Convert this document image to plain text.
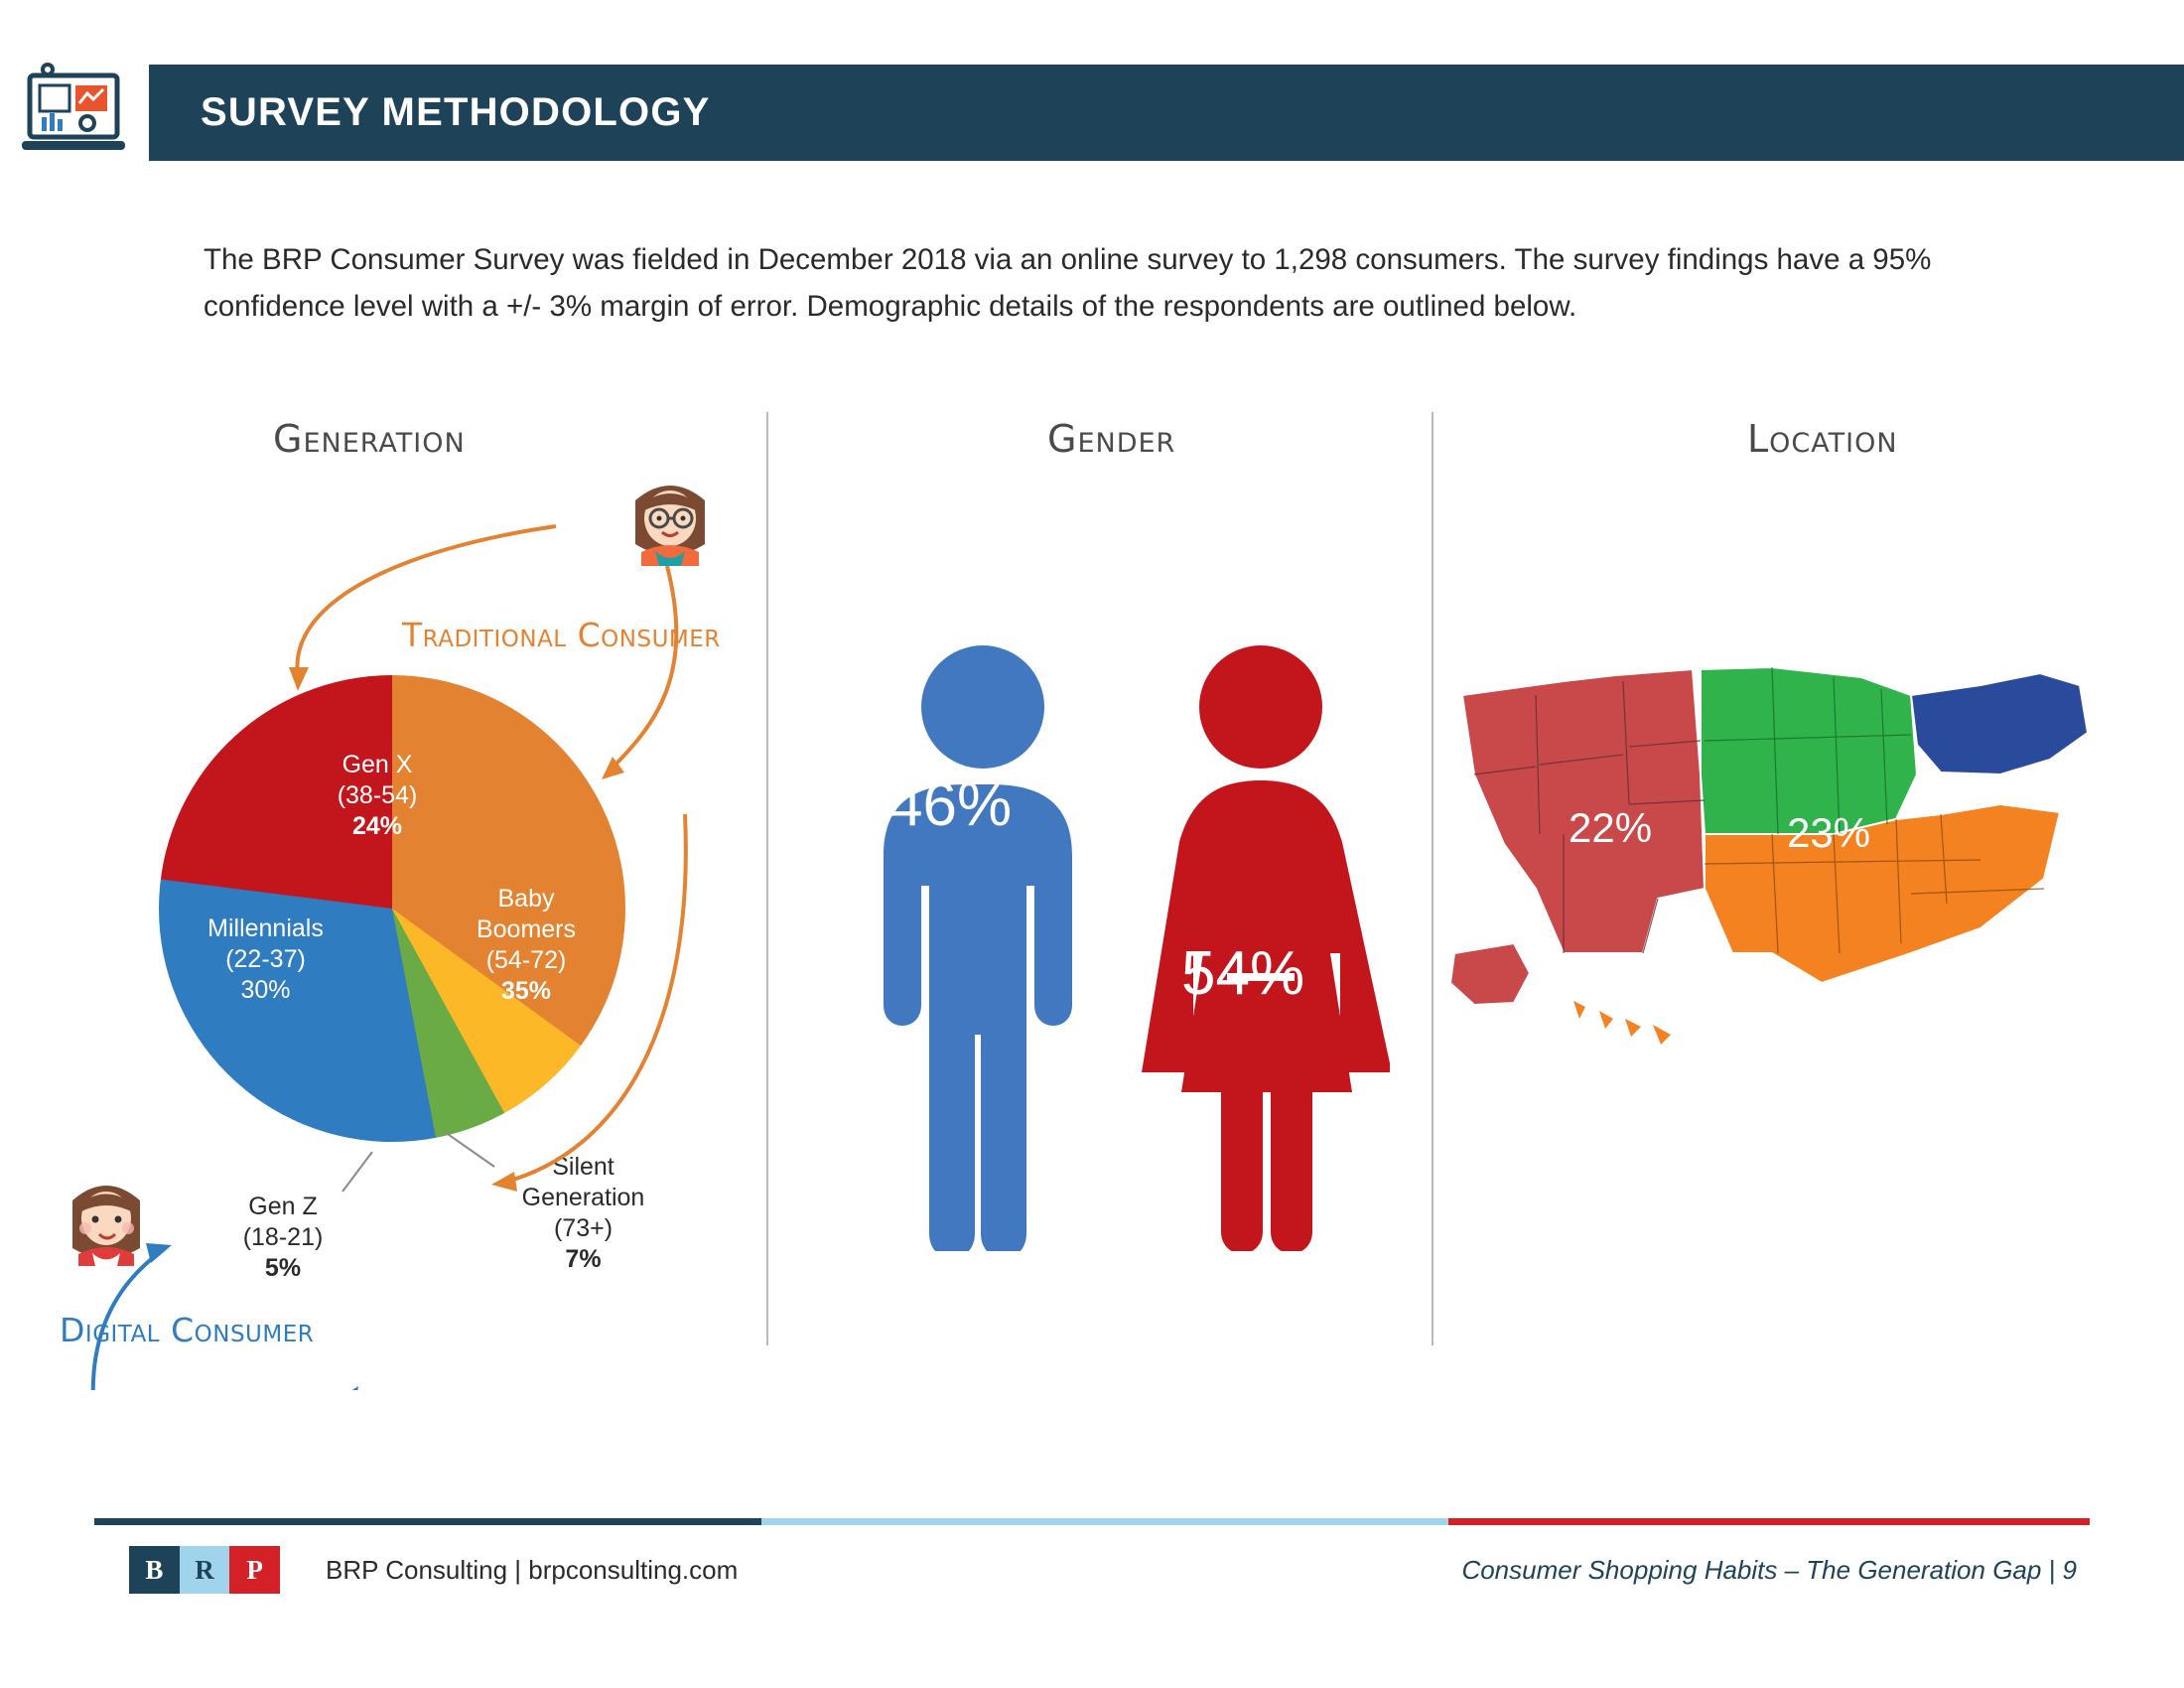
SURVEY METHODOLOGY
The BRP Consumer Survey was fielded in December 2018 via an online survey to 1,298 consumers. The survey findings have a 95% confidence level with a +/- 3% margin of error. Demographic details of the respondents are outlined below.
Generation	Gender	Location
Gen X
(38-54)
24%
Millennials
(22-37)
30%
Baby
Boomers
(54-72)
35%
Gen Z
(18-21)
5%
Silent
Generation
(73+)
7%
Traditional Consumer
Digital Consumer
46%
54%
22%	23%	18%
37%
B	R	P	BRP Consulting | brpconsulting.com	Consumer Shopping Habits – The Generation Gap | 9
